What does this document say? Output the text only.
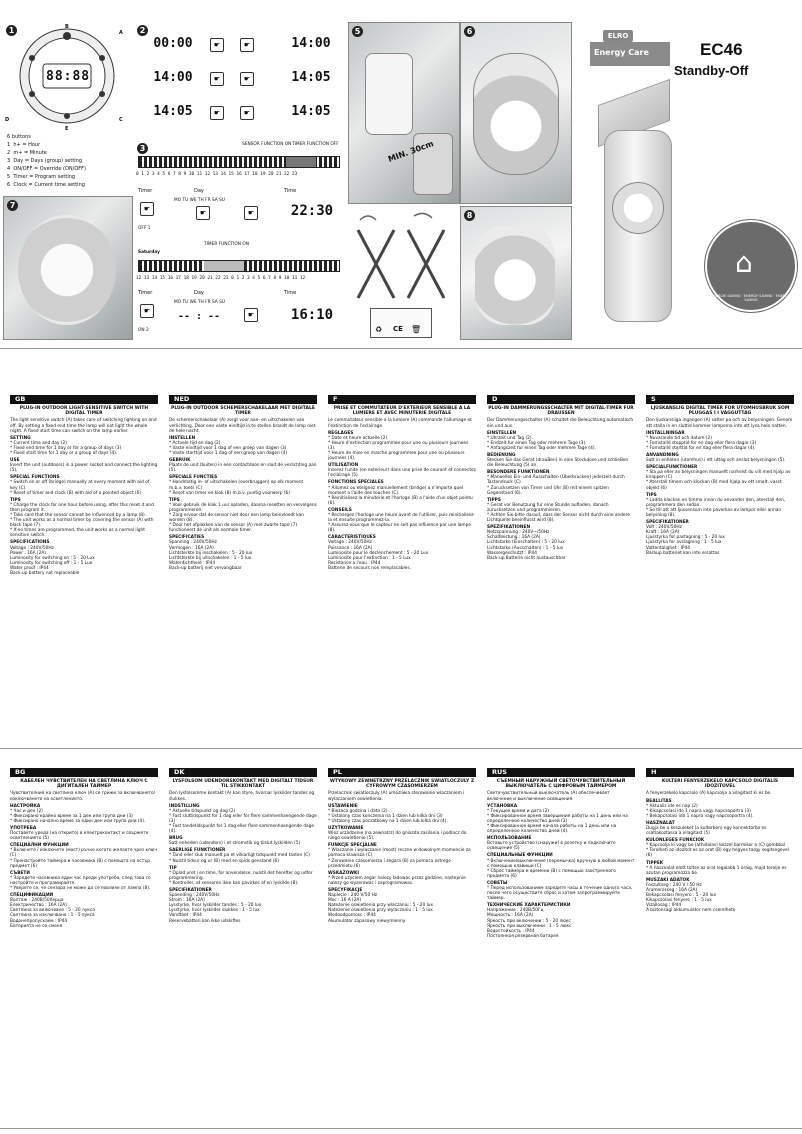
1
88:88
A
B
C
D
E
6 buttons
1 h+ = Hour
2 m+ = Minute
3 Day = Days (group) setting
4 ON/OFF = Override (ON/OFF)
5 Timer = Program setting
6 Clock = Current time setting
2
00:00	☛	☛	14:00
14:00	☛	☛	14:05
14:05	☛	☛	14:05
3	SENSOR FUNCTION ON TIMER FUNCTION OFF
0 1 2 3 4 5 6 7 8 9 10 11 12 13 14 15 16 17 18 19 20 21 22 23
Timer	Day	Time
MO TU WE TH FR SA SU
☛	☛	☛	22:30
OFF 1
TIMER FUNCTION ON
Saturday
12 13 14 15 16 17 18 19 20 21 22 23 0 1 2 3 4 5 6 7 8 9 10 11 12
Timer	Day	Time
MO TU WE TH FR SA SU
☛	-- : --	☛	16:10
ON 2
5
MIN. 30cm
6
7
8
♻ CE 🗑
ELRO
EC46
Standby-Off
Energy Care
⌂
ENERGIE SAVING · ENERGY SAVING · ENERGIE SAVING
GB
PLUG-IN OUTDOOR LIGHT-SENSITIVE SWITCH WITH DIGITAL TIMER
The light sensitive switch (A) takes care of switching lighting on and off. By setting a fixed end time the lamp will not light the whole night. A fixed start time can switch on the lamp earlier.
SETTING
* Current time and day (2)
* Fixed end time for 1 day or for a group of days (3)
* Fixed start time for 1 day or a group of days (4).
USE
Insert the unit (outdoors) in a power socket and connect the lighting (5).
SPECIAL FUNCTIONS
* Switch on or off (bridge) manually at every moment with aid of key (C)
* Reset of timer and clock (B) with aid of a pointed object (6)
TIPS
* Charge the clock for one hour before using, after this reset it and then program it.
* Take care that the sensor cannot be influenced by a lamp (8).
* The unit works as a normal timer by covering the sensor (A) with black tape (7).
* If no times are programmed, the unit works as a normal light sensitive switch.
SPECIFICATIONS
Voltage : 240V/50Hz
Power : 16A (2A)
Luminosity for switching on : 5 - 20 Lux
Luminosity for switching off : 1 - 5 Lux
Water proof : IP44
Back-up battery not replaceable
NED
PLUG-IN OUTDOOR SCHEMERSCHAKELAAR MET DIGITALE TIMER
De schemerschakelaar (A) zorgt voor aan- en uitschakelen van verlichting. Door een vaste eindtijd in te stellen brandt de lamp niet de hele nacht.
INSTELLEN
* Actuele tijd en dag (2)
* Vaste eindtijd voor 1 dag of een groep van dagen (3)
* Vaste starttijd voor 1 dag of een groep van dagen (4)
GEBRUIK
Plaats de unit (buiten) in een contactdoos en sluit de verlichting aan (5).
SPECIALE FUNCTIES
* Handmatig in- of uitschakelen (overbruggen) op elk moment m.b.v. toets (C)
* Reset van timer en klok (B) m.b.v. puntig voorwerp (6)
TIPS
* Voor gebruik de klok 1 uur opladen, daarna resetten en vervolgens programmeren.
* Zorg ervoor dat de sensor niet door een lamp beinvloedt kan worden (8).
* Door het afplakken van de sensor (A) met zwarte tape (7) functioneert de unit als normale timer.
SPECIFICATIES
Spanning : 240V/50Hz
Vermogen : 16A (2A)
Lichtsterkte bij inschakelen : 5 - 20 lux
Lichtsterkte bij uitschakelen : 1 - 5 lux
Waterdichtheid : IP44
Back-up batterij niet vervangbaar
F
PRISE ET COMMUTATEUR D'EXTERIEUR SENSIBLE A LA LUMIERE ET AVEC MINUTERIE DIGITALE
Le commutateur sensible a la lumiere (A) commande l'allumage et l'extinction de l'eclairage.
REGLAGES
* Date et heure actuelle (2)
* Heure d'extinction programmee pour une ou plusieurs journees (3).
* Heure de mise en marche programmee pour une ou plusieurs journees (4).
UTILISATION
Inserez l'unite (en exterieur) dans une prise de courant et connectez l'eclairage (5).
FONCTIONS SPECIALES
* Allumez ou eteignez manuellement (bridge) a n'importe quel moment a l'aide des touches (C).
* Reinitialisez la minuterie et l'horloge (B) a l'aide d'un objet pointu (6).
CONSEILS
* Rechargez l'horloge une heure avant de l'utiliser, puis reinitialisez-la et ensuite programmez-la.
* Assurez-vous que le capteur ne soit pas influence par une lampe (8).
CARACTERISTIQUES
Voltage : 240V/50Hz
Puissance : 16A (2A)
Luminosite pour le declenchement : 5 - 20 Lux
Luminosite pour l'extinction : 1 - 5 Lux
Resistance a l'eau : IP44
Batterie de secours non remplacables.
D
PLUG-IN DAMMERUNGSSCHALTER MIT DIGITAL-TIMER FUR DRAUSSEN
Der Dammerungsschalter (A) schaltet die Beleuchtung automatisch ein und aus.
EINSTELLEN
* Uhrzeit und Tag (2).
* Endzeit fur einen Tag oder mehrere Tage (3).
* Anfangszeit fur einen Tag oder mehrere Tage (4).
BEDIENUNG
Stecken Sie das Gerat (drauBen) in eine Steckdose und schlieBen die Beleuchtung (5) an.
BESONDERE FUNKTIONEN
* Manuelles Ein- und Ausschalten (Uberbrucken) jederzeit durch Tastendruck (C).
* Zurucksetzen von Timer und Uhr (B) mit einem spitzen Gegenstand (6).
TIPPS
* Gerat vor Benutzung fur eine Stunde aufladen, danach zurucksetzen und programmieren.
* Achten Sie bitte darauf, dass der Sensor nicht durch eine andere Lichtquelle beeinflusst wird (8).
SPEZIFIKATIONEN
Netzspannung : 240V~/50Hz
Schaltleistung : 16A (2A)
Lichtstarke (Einschalten) : 5 - 20 lux
Lichtstarke (Ausschalten) : 1 - 5 lux
Wassergeschutzt : IP44
Back-up Batterie nicht austauschbar
S
LJUSKANSLIG DIGITAL TIMER FOR UTOMHUSBRUK SOM PLUGGAS I I VAGGUTTAG
Den ljuskansliga ingangen (A) satter pa och av belysningen. Genom att stalla in en sluttid kommer lamporna inte att lysa hela natten.
INSTALLNINGAR
* Nuvarande tid och datum (2)
* Fornstalld stopptid for en dag eller flera dagar (3)
* Fornstalld starttid for en dag eller flera dagar (4).
ANVANDNING
Satt in enheten (utomhus) i ett uttag och anslut belysningen (5).
SPECIALFUNKTIONER
* Sla pa eller av belysningen manuellt narhelst du vill med hjalp av knappen (C)
* Aterstall timern och klockan (B) med hjalp av ett smalt, vasst objekt (6)
TIPS
* Ladda klockan en timme innan du anvander den, aterstall den, programmera den sedan.
* Se till att att ljussensorn inte paverkas av lampor eller annan belysning (8).
SPECIFIKATIONER
Volt : 240V/50Hz
Kraft : 16A (2A)
Ljusstyrka for pastagning : 5 - 20 lux
Ljusstyrka for avslagning : 1 - 5 lux
Vattentalighet : IP44
Backup batteriet kan inte ersattas
BG
КАБЕЛЕН ЧУВСТВИТЕЛЕН НА СВЕТЛИНА КЛЮЧ С ДИГИТАЛЕН ТАЙМЕР
Чувствителния на светлина ключ (А) се грижи за включването/изключването на осветлението.
НАСТРОЙКА
* Час и ден (2)
* Фиксирано крайно време за 1 ден или група дни (3)
* Фиксирано начално време за един ден или група дни (4).
УПОТРЕБА
Поставете уреда (на открито) в електроконтакт и свържете осветлението (5)
СПЕЦИАЛНИ ФУНКЦИИ
* Включете / изключете (мост) ръчно когато желаете чрез ключ (С)
* Пренастройте таймера и часовника (В) с помощта на остър предмет (6)
СЪВЕТИ
* Заредете часовника един час преди употреба, след това го настройте и програмирайте.
* Уверете се, че сензора не може да се повлияе от лампа (8).
СПЕЦИФИКАЦИИ
Волтаж : 240В/50Херца
Електричество : 16A (2A)
Светлина за включване : 5 - 20 лукса
Светлина за изключване : 1 - 5 лукса
Водонепропускаем : IP44
Батерията не се сменя
DK
LYSFOLSOM UDENDORSKONTAKT MED DIGITALT TIDSUR TIL STIKKONTAKT
Den lysfolsomme kontakt (A) kan styre, hvornar lyskilder tandes og slukkes.
INDSTILLING
* Aktuelle tidspunkt og dag (2)
* Fast sluttidspunkt for 1 dag eller for flere sammenhaengende dage (3)
* Fast tandetidspunkt for 1 dag eller flere sammenhaengende dage (4).
BRUG
Satt enheden (udendors) i et stromstik og tilslut lyskilden (5)
SAERLIGE FUNKTIONER
* Tand eller sluk manuelt pa et vilkarligt tidspunkt med tasten (C)
* Nulstil tidsur og ur (B) med en spids genstand (6)
TIP
* Oplad uret i en time, for anvendelse, nulstil det herefter og udfor programmering.
* Kontroller, at sensoren ikke kan pavirkes af en lyskilde (8).
SPECIFIKATIONER
Spaending : 240V/50Hz
Strom : 16A (2A)
Lysstyrke, hvor lyskilder tandes : 5 - 20 lux
Lysstyrke, hvor lyskilder slukkes : 1 - 5 lux
Vandtaet : IP44
Reservebatteri kan ikke udskiftes
PL
WTYKOWY ZEWNETRZNY PRZELACZNIK SWIATLOCZULY Z CYFROWYM CZASOMIERZEM
Przelacznik swiatloczuly (A) umozliwia sterowanie wlaczaniem i wylaczaniem oswietlenia.
USTAWIENIE
* Biezaca godzina i data (2)
* Ustalony czas konczenia na 1 dzien lub kilka dni (3)
* Ustalony czas poczatkowy na 1 dzien lub kilka dni (4).
UZYTKOWANIE
Wloz urzadzenie (na zewnatrz) do gniazda zasilania i podlacz do niego oswietlenie (5).
FUNKCJE SPECJALNE
* Wlaczanie i wylaczanie (most) reczne w dowolnym momencie za pomoca klawisza (C)
* Zerowanie czasomierza i zegara (B) za pomoca ostrego przedmiotu (6)
WSKAZOWKI
* Przed uzyciem zegar nalezy ladowac przez godzine, nastepnie nalezy go wyzerowac i zaprogramowac.
SPECYFIKACJE
Napiecie : 240 V/50 Hz
Moc : 16 A (2A)
Natezenie oswietlenia przy wlaczaniu : 5 - 20 lux
Natezenie oswietlenia przy wylaczaniu : 1 - 5 lux
Wodoodpornosc : IP44
Akumulator zapasowy niewymienny
RUS
СЪЕМНЫЙ НАРУЖНЫЙ СВЕТОЧУВСТВИТЕЛЬНЫЙ ВЫКЛЮЧАТЕЛЬ С ЦИФРОВЫМ ТАЙМЕРОМ
Светочувствительный выключатель (А) обеспечивает включение и выключение освещения.
УСТАНОВКА
* Текущее время и дата (2)
* Фиксированное время завершения работы на 1 день или на определенное количество дней (3)
* Фиксированное время начала работы на 1 день или на определенное количество дней (4).
ИСПОЛЬЗОВАНИЕ
Вставьте устройство (снаружи) в розетку и подключите освещение (5)
СПЕЦИАЛЬНЫЕ ФУНКЦИИ
* Включение/выключение (перемычка) вручную в любой момент с помощью клавиши (С)
* Сброс таймера и времени (В) с помощью заостренного предмета (6)
СОВЕТЫ
* Перед использованием зарядите часы в течение одного часа, после чего осуществите сброс и затем запрограммируйте таймер.
ТЕХНИЧЕСКИЕ ХАРАКТЕРИСТИКИ
Напряжение : 240В/50Гц
Мощность : 16A (2A)
Яркость при включении : 5 - 20 люкс
Яркость при выключении : 1 - 5 люкс
Водостойкость : IP44
Постоянная резервная батарея
H
KULTERI FENYERZEKELO KAPCSOLO DIGITALIS IDOZITOVEL
A fenyerzekelo kapcsolo (A) kapcsolja a vilagitast ki es be.
BEALLITAS
* Aktualis ido es nap (2)
* Kikapcsolasi ido 1 napra vagy napcsoportra (3)
* Bekapcsolasi ido 1 napra vagy napcsoportra (4).
HASZNALAT
Dugja be a keszuleket (a kulterben) egy konnektorba es csatlakoztassa a vilagitast (5)
KULONLEGES FUNKCIOK
* Kapcsolja ki vagy be (athidalas) kezzel barmikor a (C) gombbal
* Torolheti az idozitot es az orat (B) egy hegyes targy segitsegevel (6)
TIPPEK
* A hasznalat elott toltse az orat legalabb 1 oraig, majd torolje es azutan programozza be.
MUSZAKI ADATOK
Feszultseg : 240 V / 50 Hz
Aramerosseg : 16A (2A)
Bekapcsolasi fenyero : 5 - 20 lux
Kikapcsolasi fenyero : 1 - 5 lux
Vizallosag : IP44
A biztonsagi akkumulator nem cserelheto
